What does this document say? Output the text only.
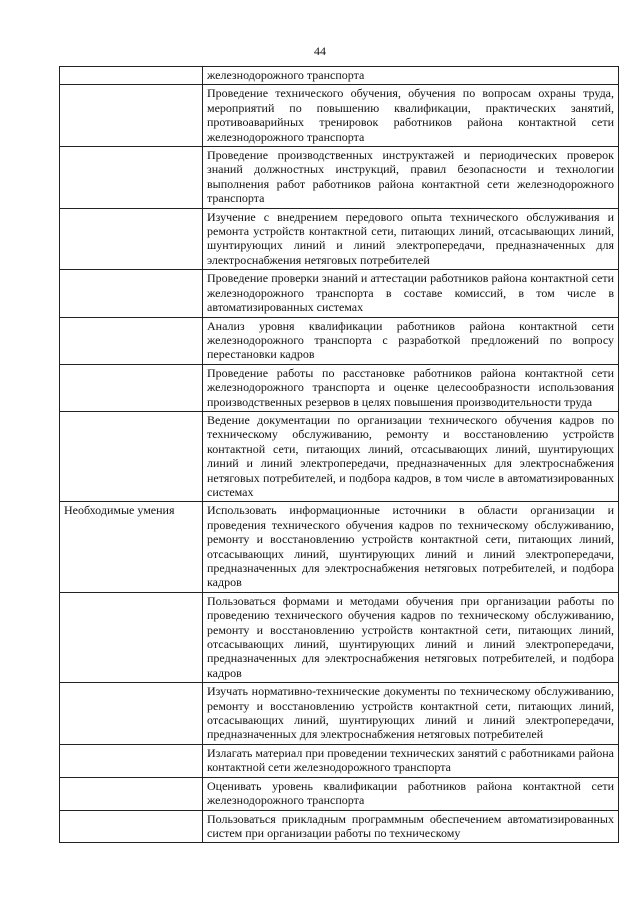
44
	железнодорожного транспорта
	Проведение технического обучения, обучения по вопросам охраны труда, мероприятий по повышению квалификации, практических занятий, противоаварийных тренировок работников района контактной сети железнодорожного транспорта
	Проведение производственных инструктажей и периодических проверок знаний должностных инструкций, правил безопасности и технологии выполнения работ работников района контактной сети железнодорожного транспорта
	Изучение с внедрением передового опыта технического обслуживания и ремонта устройств контактной сети, питающих линий, отсасывающих линий, шунтирующих линий и линий электропередачи, предназначенных для электроснабжения нетяговых потребителей
	Проведение проверки знаний и аттестации работников района контактной сети железнодорожного транспорта в составе комиссий, в том числе в автоматизированных системах
	Анализ уровня квалификации работников района контактной сети железнодорожного транспорта с разработкой предложений по вопросу перестановки кадров
	Проведение работы по расстановке работников района контактной сети железнодорожного транспорта и оценке целесообразности использования производственных резервов в целях повышения производительности труда
	Ведение документации по организации технического обучения кадров по техническому обслуживанию, ремонту и восстановлению устройств контактной сети, питающих линий, отсасывающих линий, шунтирующих линий и линий электропередачи, предназначенных для электроснабжения нетяговых потребителей, и подбора кадров, в том числе в автоматизированных системах
Необходимые умения	Использовать информационные источники в области организации и проведения технического обучения кадров по техническому обслуживанию, ремонту и восстановлению устройств контактной сети, питающих линий, отсасывающих линий, шунтирующих линий и линий электропередачи, предназначенных для электроснабжения нетяговых потребителей, и подбора кадров
	Пользоваться формами и методами обучения при организации работы по проведению технического обучения кадров по техническому обслуживанию, ремонту и восстановлению устройств контактной сети, питающих линий, отсасывающих линий, шунтирующих линий и линий электропередачи, предназначенных для электроснабжения нетяговых потребителей, и подбора кадров
	Изучать нормативно-технические документы по техническому обслуживанию, ремонту и восстановлению устройств контактной сети, питающих линий, отсасывающих линий, шунтирующих линий и линий электропередачи, предназначенных для электроснабжения нетяговых потребителей
	Излагать материал при проведении технических занятий с работниками района контактной сети железнодорожного транспорта
	Оценивать уровень квалификации работников района контактной сети железнодорожного транспорта
	Пользоваться прикладным программным обеспечением автоматизированных систем при организации работы по техническому
